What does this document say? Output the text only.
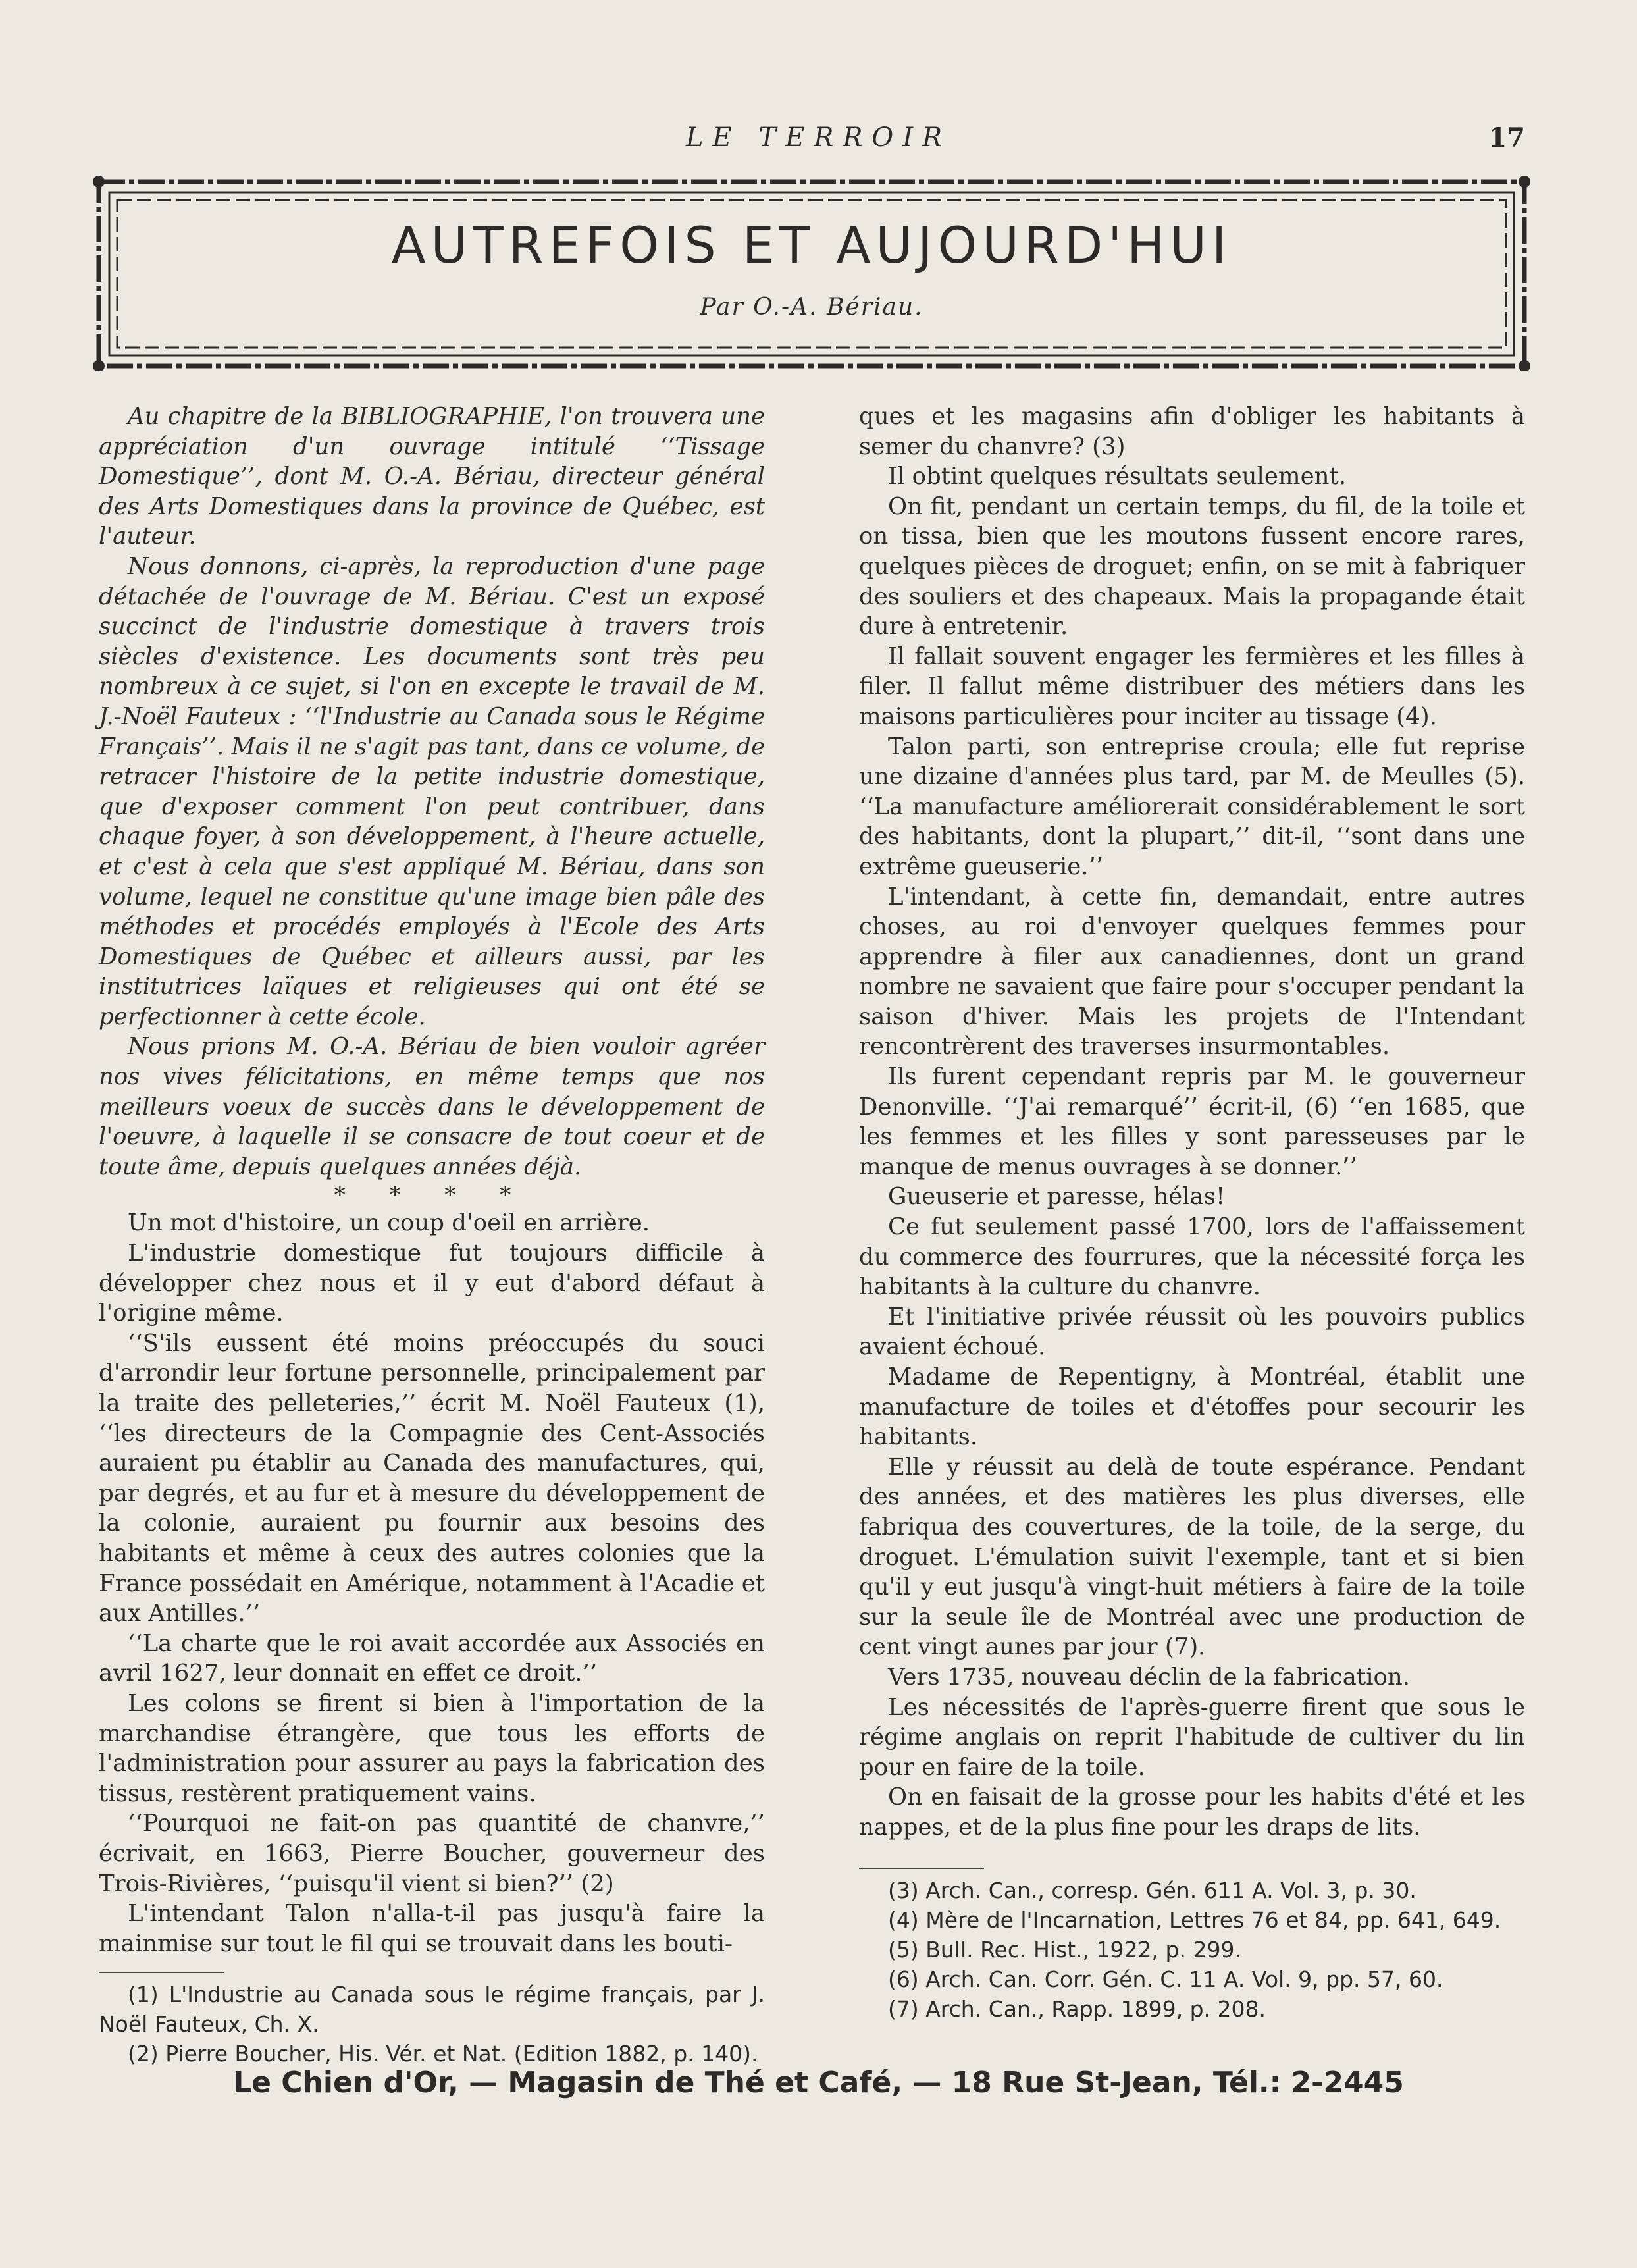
LE TERROIR	17
AUTREFOIS ET AUJOURD'HUI
Par O.-A. Bériau.

Au chapitre de la BIBLIOGRAPHIE, l'on trouvera une appréciation d'un ouvrage intitulé ‘‘Tissage Domestique’’, dont M. O.-A. Bériau, directeur général des Arts Domestiques dans la province de Québec, est l'auteur.

Nous donnons, ci-après, la reproduction d'une page détachée de l'ouvrage de M. Bériau. C'est un exposé succinct de l'industrie domestique à travers trois siècles d'existence. Les documents sont très peu nombreux à ce sujet, si l'on en excepte le travail de M. J.-Noël Fauteux : ‘‘l'Industrie au Canada sous le Régime Français’’. Mais il ne s'agit pas tant, dans ce volume, de retracer l'histoire de la petite industrie domestique, que d'exposer comment l'on peut contribuer, dans chaque foyer, à son développement, à l'heure actuelle, et c'est à cela que s'est appliqué M. Bériau, dans son volume, lequel ne constitue qu'une image bien pâle des méthodes et procédés employés à l'Ecole des Arts Domestiques de Québec et ailleurs aussi, par les institutrices laïques et religieuses qui ont été se perfectionner à cette école.

Nous prions M. O.-A. Bériau de bien vouloir agréer nos vives félicitations, en même temps que nos meilleurs voeux de succès dans le développement de l'oeuvre, à laquelle il se consacre de tout coeur et de toute âme, depuis quelques années déjà.

* * * *

Un mot d'histoire, un coup d'oeil en arrière.

L'industrie domestique fut toujours difficile à développer chez nous et il y eut d'abord défaut à l'origine même.

‘‘S'ils eussent été moins préoccupés du souci d'arrondir leur fortune personnelle, principalement par la traite des pelleteries,’’ écrit M. Noël Fauteux (1), ‘‘les directeurs de la Compagnie des Cent-Associés auraient pu établir au Canada des manufactures, qui, par degrés, et au fur et à mesure du développement de la colonie, auraient pu fournir aux besoins des habitants et même à ceux des autres colonies que la France possédait en Amérique, notamment à l'Acadie et aux Antilles.’’

‘‘La charte que le roi avait accordée aux Associés en avril 1627, leur donnait en effet ce droit.’’

Les colons se firent si bien à l'importation de la marchandise étrangère, que tous les efforts de l'administration pour assurer au pays la fabrication des tissus, restèrent pratiquement vains.

‘‘Pourquoi ne fait-on pas quantité de chanvre,’’ écrivait, en 1663, Pierre Boucher, gouverneur des Trois-Rivières, ‘‘puisqu'il vient si bien?’’ (2)

L'intendant Talon n'alla-t-il pas jusqu'à faire la mainmise sur tout le fil qui se trouvait dans les bouti-

(1) L'Industrie au Canada sous le régime français, par J. Noël Fauteux, Ch. X.

(2) Pierre Boucher, His. Vér. et Nat. (Edition 1882, p. 140).

ques et les magasins afin d'obliger les habitants à semer du chanvre? (3)

Il obtint quelques résultats seulement.

On fit, pendant un certain temps, du fil, de la toile et on tissa, bien que les moutons fussent encore rares, quelques pièces de droguet; enfin, on se mit à fabriquer des souliers et des chapeaux. Mais la propagande était dure à entretenir.

Il fallait souvent engager les fermières et les filles à filer. Il fallut même distribuer des métiers dans les maisons particulières pour inciter au tissage (4).

Talon parti, son entreprise croula; elle fut reprise une dizaine d'années plus tard, par M. de Meulles (5). ‘‘La manufacture améliorerait considérablement le sort des habitants, dont la plupart,’’ dit-il, ‘‘sont dans une extrême gueuserie.’’

L'intendant, à cette fin, demandait, entre autres choses, au roi d'envoyer quelques femmes pour apprendre à filer aux canadiennes, dont un grand nombre ne savaient que faire pour s'occuper pendant la saison d'hiver. Mais les projets de l'Intendant rencontrèrent des traverses insurmontables.

Ils furent cependant repris par M. le gouverneur Denonville. ‘‘J'ai remarqué’’ écrit-il, (6) ‘‘en 1685, que les femmes et les filles y sont paresseuses par le manque de menus ouvrages à se donner.’’

Gueuserie et paresse, hélas!

Ce fut seulement passé 1700, lors de l'affaissement du commerce des fourrures, que la nécessité força les habitants à la culture du chanvre.

Et l'initiative privée réussit où les pouvoirs publics avaient échoué.

Madame de Repentigny, à Montréal, établit une manufacture de toiles et d'étoffes pour secourir les habitants.

Elle y réussit au delà de toute espérance. Pendant des années, et des matières les plus diverses, elle fabriqua des couvertures, de la toile, de la serge, du droguet. L'émulation suivit l'exemple, tant et si bien qu'il y eut jusqu'à vingt-huit métiers à faire de la toile sur la seule île de Montréal avec une production de cent vingt aunes par jour (7).

Vers 1735, nouveau déclin de la fabrication.

Les nécessités de l'après-guerre firent que sous le régime anglais on reprit l'habitude de cultiver du lin pour en faire de la toile.

On en faisait de la grosse pour les habits d'été et les nappes, et de la plus fine pour les draps de lits.

(3) Arch. Can., corresp. Gén. 611 A. Vol. 3, p. 30.

(4) Mère de l'Incarnation, Lettres 76 et 84, pp. 641, 649.

(5) Bull. Rec. Hist., 1922, p. 299.

(6) Arch. Can. Corr. Gén. C. 11 A. Vol. 9, pp. 57, 60.

(7) Arch. Can., Rapp. 1899, p. 208.

Le Chien d'Or, — Magasin de Thé et Café, — 18 Rue St-Jean, Tél.: 2-2445
